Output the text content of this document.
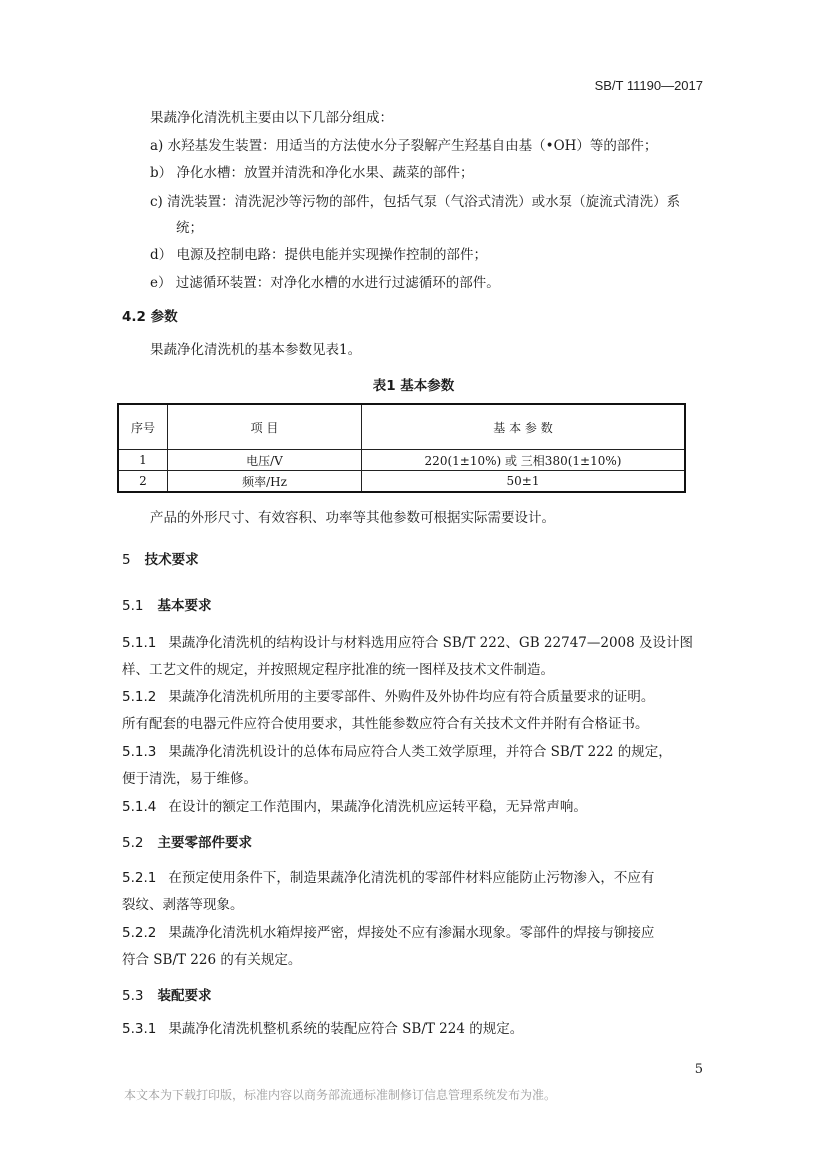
SB/T 11190—2017
果蔬净化清洗机主要由以下几部分组成：
a) 水羟基发生装置：用适当的方法使水分子裂解产生羟基自由基（•OH）等的部件；
b） 净化水槽：放置并清洗和净化水果、蔬菜的部件；
c) 清洗装置：清洗泥沙等污物的部件，包括气泵（气浴式清洗）或水泵（旋流式清洗）系
统；
d） 电源及控制电路：提供电能并实现操作控制的部件；
e） 过滤循环装置：对净化水槽的水进行过滤循环的部件。
4.2 参数
果蔬净化清洗机的基本参数见表1。
表1 基本参数
序号	项 目	基 本 参 数
1	电压/V	220(1±10%) 或 三相380(1±10%)
2	频率/Hz	50±1
产品的外形尺寸、有效容积、功率等其他参数可根据实际需要设计。
5 技术要求
5.1 基本要求
5.1.1 果蔬净化清洗机的结构设计与材料选用应符合 SB/T 222、GB 22747—2008 及设计图
样、工艺文件的规定，并按照规定程序批准的统一图样及技术文件制造。
5.1.2 果蔬净化清洗机所用的主要零部件、外购件及外协件均应有符合质量要求的证明。
所有配套的电器元件应符合使用要求，其性能参数应符合有关技术文件并附有合格证书。
5.1.3 果蔬净化清洗机设计的总体布局应符合人类工效学原理，并符合 SB/T 222 的规定，
便于清洗，易于维修。
5.1.4 在设计的额定工作范围内，果蔬净化清洗机应运转平稳，无异常声响。
5.2 主要零部件要求
5.2.1 在预定使用条件下，制造果蔬净化清洗机的零部件材料应能防止污物渗入，不应有
裂纹、剥落等现象。
5.2.2 果蔬净化清洗机水箱焊接严密，焊接处不应有渗漏水现象。零部件的焊接与铆接应
符合 SB/T 226 的有关规定。
5.3 装配要求
5.3.1 果蔬净化清洗机整机系统的装配应符合 SB/T 224 的规定。
5
本文本为下载打印版，标准内容以商务部流通标准制修订信息管理系统发布为准。
